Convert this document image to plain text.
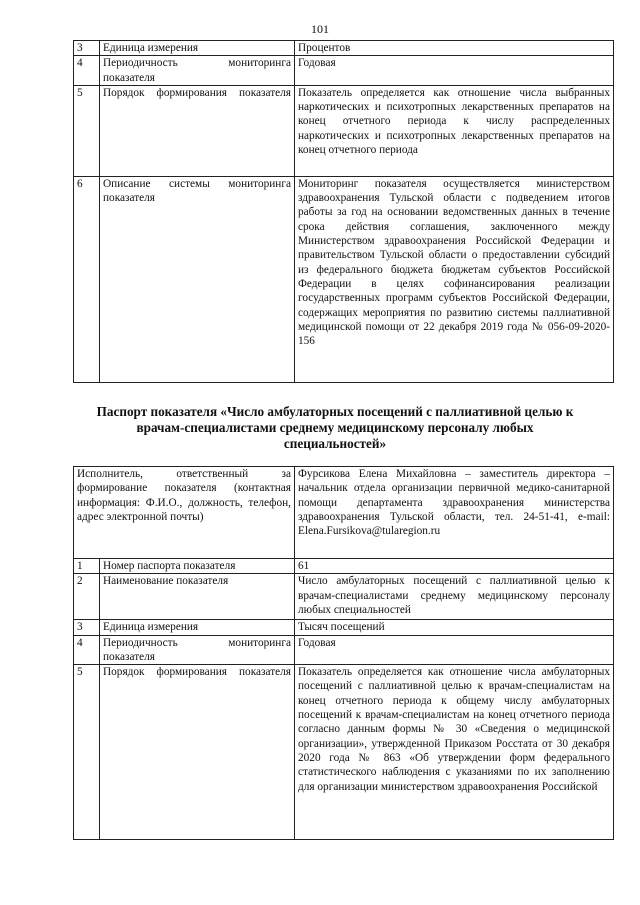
101
3	Единица измерения	Процентов
4	Периодичность мониторинга показателя	Годовая
5	Порядок формирования показателя	Показатель определяется как отношение числа выбранных наркотических и психотропных лекарственных препаратов на конец отчетного периода к числу распределенных наркотических и психотропных лекарственных препаратов на конец отчетного периода
6	Описание системы мониторинга показателя	Мониторинг показателя осуществляется министерством здравоохранения Тульской области с подведением итогов работы за год на основании ведомственных данных в течение срока действия соглашения, заключенного между Министерством здравоохранения Российской Федерации и правительством Тульской области о предоставлении субсидий из федерального бюджета бюджетам субъектов Российской Федерации в целях софинансирования реализации государственных программ субъектов Российской Федерации, содержащих мероприятия по развитию системы паллиативной медицинской помощи от 22 декабря 2019 года № 056-09-2020-156
Паспорт показателя «Число амбулаторных посещений с паллиативной целью к врачам-специалистами среднему медицинскому персоналу любых специальностей»
Исполнитель, ответственный за формирование показателя (контактная информация: Ф.И.О., должность, телефон, адрес электронной почты)		Фурсикова Елена Михайловна – заместитель директора – начальник отдела организации первичной медико-санитарной помощи департамента здравоохранения министерства здравоохранения Тульской области, тел. 24-51-41, e-mail: Elena.Fursikova@tularegion.ru
1	Номер паспорта показателя	61
2	Наименование показателя	Число амбулаторных посещений с паллиативной целью к врачам-специалистами среднему медицинскому персоналу любых специальностей
3	Единица измерения	Тысяч посещений
4	Периодичность мониторинга показателя	Годовая
5	Порядок формирования показателя	Показатель определяется как отношение числа амбулаторных посещений с паллиативной целью к врачам-специалистам на конец отчетного периода к общему числу амбулаторных посещений к врачам-специалистам на конец отчетного периода согласно данным формы № 30 «Сведения о медицинской организации», утвержденной Приказом Росстата от 30 декабря 2020 года № 863 «Об утверждении форм федерального статистического наблюдения с указаниями по их заполнению для организации министерством здравоохранения Российской
